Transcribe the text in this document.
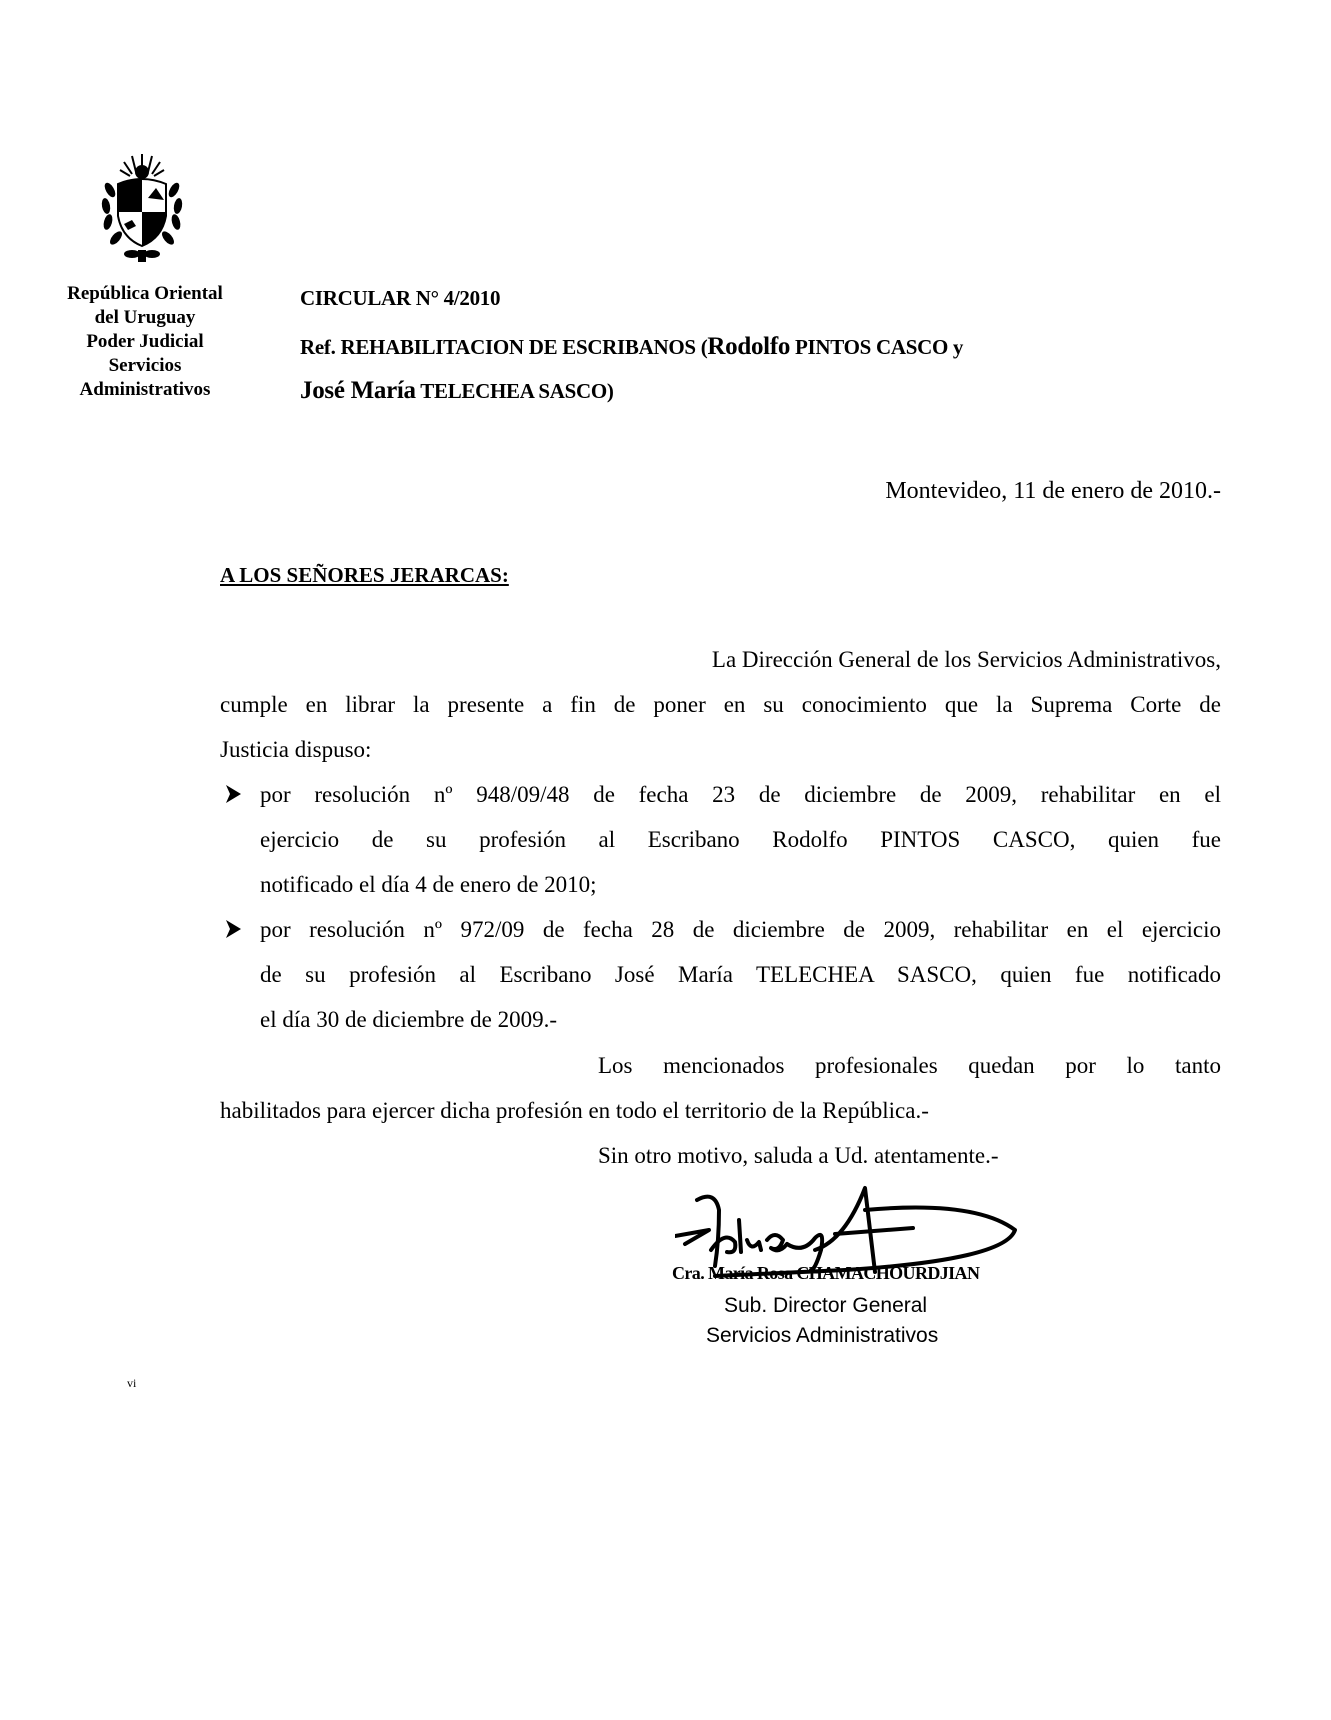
República Oriental
del Uruguay
Poder Judicial
Servicios
Administrativos
CIRCULAR N° 4/2010
Ref. REHABILITACION DE ESCRIBANOS (Rodolfo PINTOS CASCO y
José María TELECHEA SASCO)
Montevideo, 11 de enero de 2010.-
A LOS SEÑORES JERARCAS:
La Dirección General de los Servicios Administrativos,
cumple en librar la presente a fin de poner en su conocimiento que la Suprema Corte de
Justicia dispuso:
por resolución nº 948/09/48 de fecha 23 de diciembre de 2009, rehabilitar en el
ejercicio de su profesión al Escribano Rodolfo PINTOS CASCO, quien fue
notificado el día 4 de enero de 2010;
por resolución nº 972/09 de fecha 28 de diciembre de 2009, rehabilitar en el ejercicio
de su profesión al Escribano José María TELECHEA SASCO, quien fue notificado
el día 30 de diciembre de 2009.-
Los mencionados profesionales quedan por lo tanto
habilitados para ejercer dicha profesión en todo el territorio de la República.-
Sin otro motivo, saluda a Ud. atentamente.-
Cra. María Rosa CHAMACHOURDJIAN
Sub. Director General
Servicios Administrativos
vi
